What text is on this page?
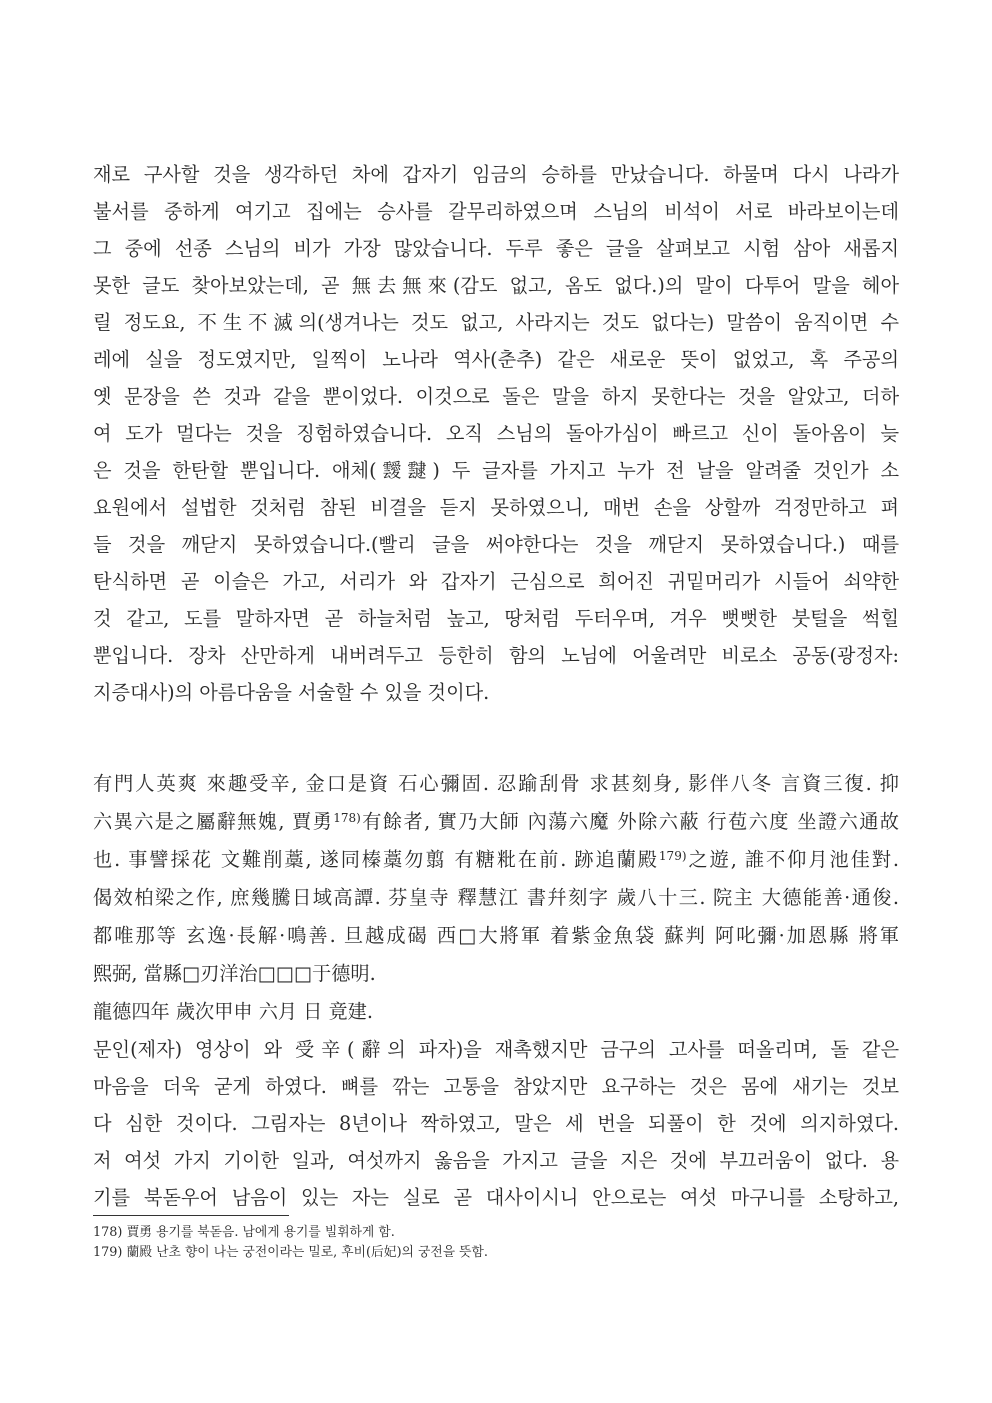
재로 구사할 것을 생각하던 차에 갑자기 임금의 승하를 만났습니다. 하물며 다시 나라가
불서를 중하게 여기고 집에는 승사를 갈무리하였으며 스님의 비석이 서로 바라보이는데
그 중에 선종 스님의 비가 가장 많았습니다. 두루 좋은 글을 살펴보고 시험 삼아 새롭지
못한 글도 찾아보았는데, 곧 無去無來(감도 없고, 옴도 없다.)의 말이 다투어 말을 헤아
릴 정도요, 不生不滅의(생겨나는 것도 없고, 사라지는 것도 없다는) 말씀이 움직이면 수
레에 실을 정도였지만, 일찍이 노나라 역사(춘추) 같은 새로운 뜻이 없었고, 혹 주공의
옛 문장을 쓴 것과 같을 뿐이었다. 이것으로 돌은 말을 하지 못한다는 것을 알았고, 더하
여 도가 멀다는 것을 징험하였습니다. 오직 스님의 돌아가심이 빠르고 신이 돌아옴이 늦
은 것을 한탄할 뿐입니다. 애체(靉靆) 두 글자를 가지고 누가 전 날을 알려줄 것인가 소
요원에서 설법한 것처럼 참된 비결을 듣지 못하였으니, 매번 손을 상할까 걱정만하고 펴
들 것을 깨닫지 못하였습니다.(빨리 글을 써야한다는 것을 깨닫지 못하였습니다.) 때를
탄식하면 곧 이슬은 가고, 서리가 와 갑자기 근심으로 희어진 귀밑머리가 시들어 쇠약한
것 같고, 도를 말하자면 곧 하늘처럼 높고, 땅처럼 두터우며, 겨우 뻣뻣한 붓털을 썩힐
뿐입니다. 장차 산만하게 내버려두고 등한히 함의 노님에 어울려만 비로소 공동(광정자:
지증대사)의 아름다움을 서술할 수 있을 것이다.
有門人英爽 來趣受辛, 金口是資 石心彌固. 忍踰刮骨 求甚刻身, 影伴八冬 言資三復. 抑
六異六是之屬辭無媿, 賈勇$^{178)}$有餘者, 實乃大師 內蕩六魔 外除六蔽 行苞六度 坐證六通故
也. 事譬採花 文難削藁, 遂同榛藁勿翦 有糖粃在前. 跡追蘭殿$^{179)}$之遊, 誰不仰月池佳對.
偈效柏梁之作, 庶幾騰日域高譚. 芬皇寺 釋慧江 書幷刻字 歲八十三. 院主 大德能善·通俊.
都唯那等 玄逸·長解·鳴善. 旦越成碣 西□大將軍 着紫金魚袋 蘇判 阿叱彌·加恩縣 將軍
熙弼, 當縣□刃洋治□□□于德明.
龍德四年 歲次甲申 六月 日 竟建.
문인(제자) 영상이 와 受辛(辭의 파자)을 재촉했지만 금구의 고사를 떠올리며, 돌 같은
마음을 더욱 굳게 하였다. 뼈를 깎는 고통을 참았지만 요구하는 것은 몸에 새기는 것보
다 심한 것이다. 그림자는 8년이나 짝하였고, 말은 세 번을 되풀이 한 것에 의지하였다.
저 여섯 가지 기이한 일과, 여섯까지 옳음을 가지고 글을 지은 것에 부끄러움이 없다. 용
기를 북돋우어 남음이 있는 자는 실로 곧 대사이시니 안으로는 여섯 마구니를 소탕하고,
178) 賈勇 용기를 북돋음. 남에게 용기를 빌휘하게 함.
179) 蘭殿 난초 향이 나는 궁전이라는 밀로, 후비(后妃)의 궁전을 뜻함.
